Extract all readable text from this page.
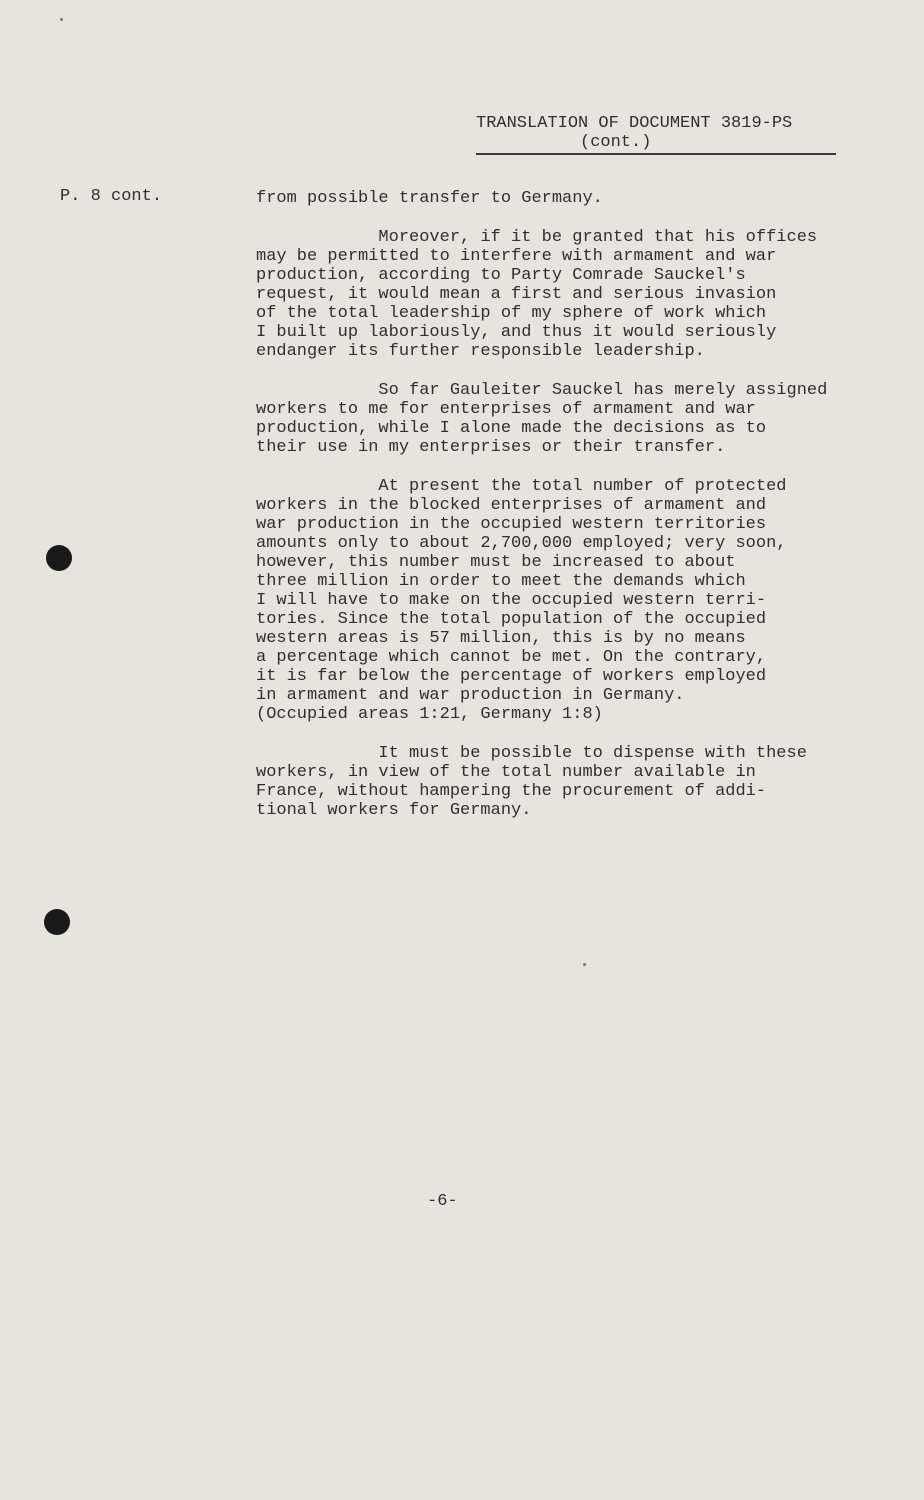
TRANSLATION OF DOCUMENT 3819-PS
(cont.)
P. 8 cont.	from possible transfer to Germany.

Moreover, if it be granted that his offices

may be permitted to interfere with armament and war

production, according to Party Comrade Sauckel's

request, it would mean a first and serious invasion

of the total leadership of my sphere of work which

I built up laboriously, and thus it would seriously

endanger its further responsible leadership.

So far Gauleiter Sauckel has merely assigned

workers to me for enterprises of armament and war

production, while I alone made the decisions as to

their use in my enterprises or their transfer.

At present the total number of protected

workers in the blocked enterprises of armament and

war production in the occupied western territories

amounts only to about 2,700,000 employed; very soon,

however, this number must be increased to about

three million in order to meet the demands which

I will have to make on the occupied western terri-

tories. Since the total population of the occupied

western areas is 57 million, this is by no means

a percentage which cannot be met. On the contrary,

it is far below the percentage of workers employed

in armament and war production in Germany.

(Occupied areas 1:21, Germany 1:8)

It must be possible to dispense with these

workers, in view of the total number available in

France, without hampering the procurement of addi-

tional workers for Germany.

-6-
